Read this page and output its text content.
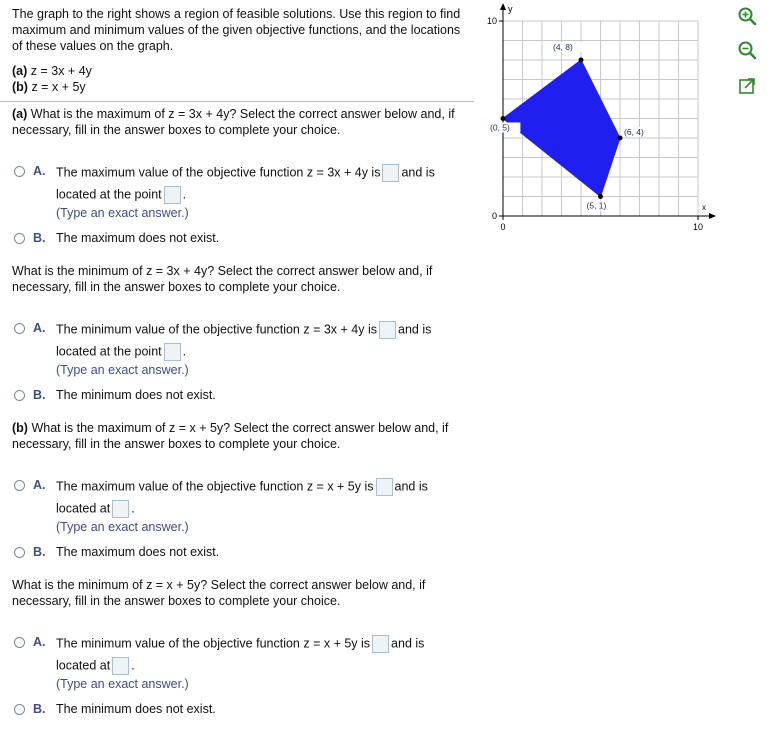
The graph to the right shows a region of feasible solutions. Use this region to find maximum and minimum values of the given objective functions, and the locations of these values on the graph.

(a) z = 3x + 4y
(b) z = x + 5y
(a) What is the maximum of z = 3x + 4y? Select the correct answer below and, if necessary, fill in the answer boxes to complete your choice.
A. The maximum value of the objective function z = 3x + 4y is and is
located at the point .
(Type an exact answer.)
B. The maximum does not exist.
What is the minimum of z = 3x + 4y? Select the correct answer below and, if necessary, fill in the answer boxes to complete your choice.
A. The minimum value of the objective function z = 3x + 4y is and is
located at the point .
(Type an exact answer.)
B. The minimum does not exist.
(b) What is the maximum of z = x + 5y? Select the correct answer below and, if necessary, fill in the answer boxes to complete your choice.
A. The maximum value of the objective function z = x + 5y is and is
located at .
(Type an exact answer.)
B. The maximum does not exist.
What is the minimum of z = x + 5y? Select the correct answer below and, if necessary, fill in the answer boxes to complete your choice.
A. The minimum value of the objective function z = x + 5y is and is
located at .
(Type an exact answer.)
B. The minimum does not exist.
(0, 5)
(4, 8)
(6, 4)
(5, 1)
y
x
10
0
0	10
